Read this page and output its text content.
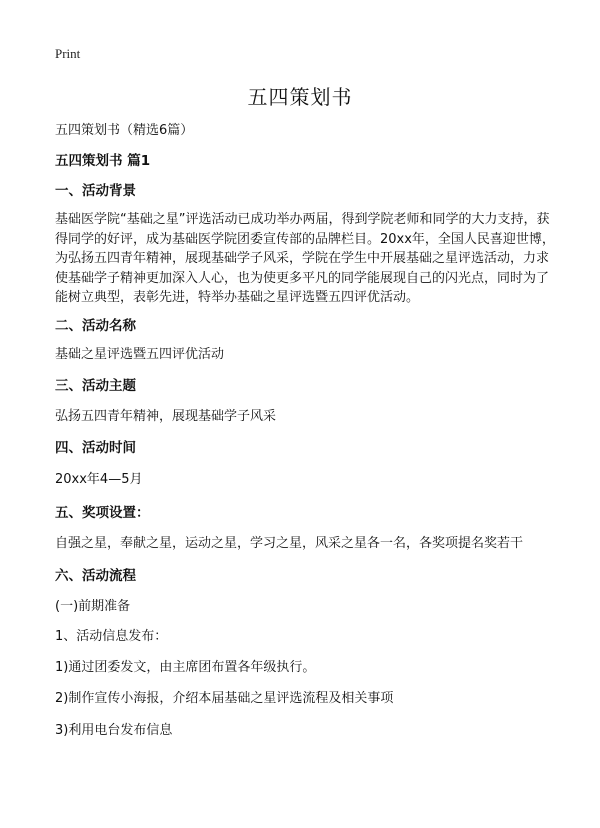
Print
五四策划书

五四策划书（精选6篇）

五四策划书 篇1

一、活动背景

基础医学院“基础之星”评选活动已成功举办两届，得到学院老师和同学的大力支持，获得同学的好评，成为基础医学院团委宣传部的品牌栏目。20xx年，全国人民喜迎世博，为弘扬五四青年精神，展现基础学子风采，学院在学生中开展基础之星评选活动，力求使基础学子精神更加深入人心，也为使更多平凡的同学能展现自己的闪光点，同时为了能树立典型，表彰先进，特举办基础之星评选暨五四评优活动。

二、活动名称

基础之星评选暨五四评优活动

三、活动主题

弘扬五四青年精神，展现基础学子风采

四、活动时间

20xx年4—5月

五、奖项设置：

自强之星，奉献之星，运动之星，学习之星，风采之星各一名，各奖项提名奖若干

六、活动流程

(一)前期准备

1、活动信息发布：

1)通过团委发文，由主席团布置各年级执行。

2)制作宣传小海报，介绍本届基础之星评选流程及相关事项

3)利用电台发布信息
